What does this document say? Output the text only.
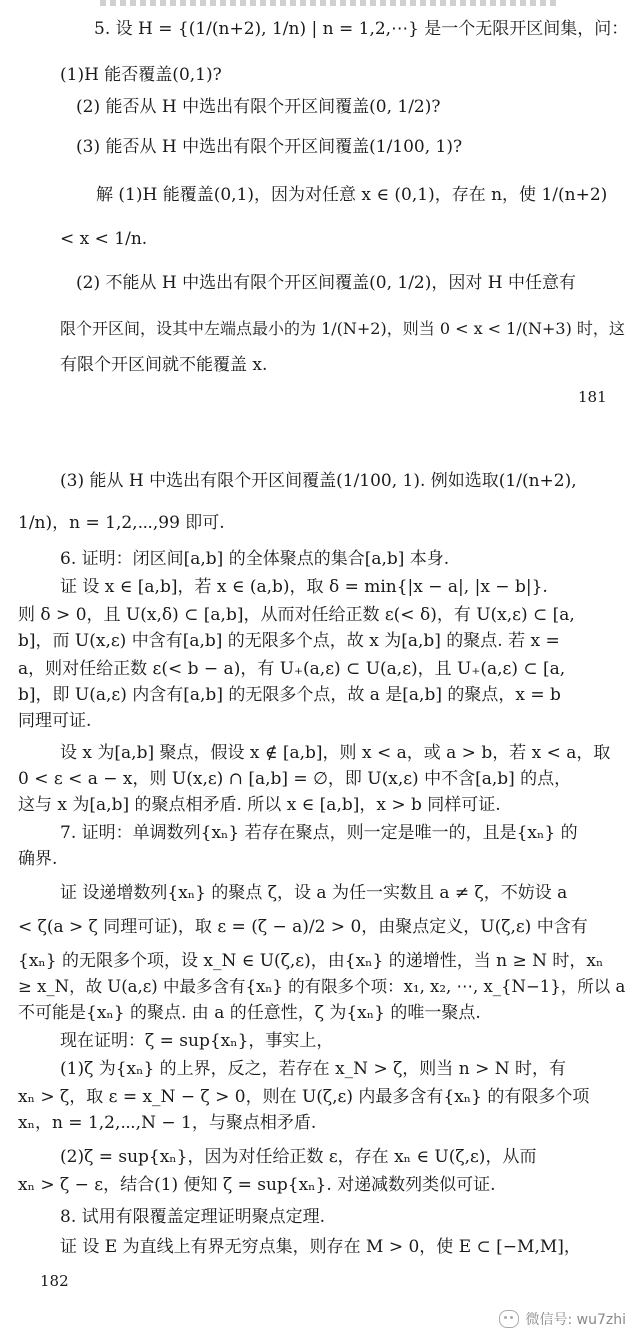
5. 设 H = {(1/(n+2), 1/n) | n = 1,2,⋯} 是一个无限开区间集，问：
(1)H 能否覆盖(0,1)?
(2) 能否从 H 中选出有限个开区间覆盖(0, 1/2)?
(3) 能否从 H 中选出有限个开区间覆盖(1/100, 1)?
解 (1)H 能覆盖(0,1)，因为对任意 x ∈ (0,1)，存在 n，使 1/(n+2)
< x < 1/n.
(2) 不能从 H 中选出有限个开区间覆盖(0, 1/2)，因对 H 中任意有
限个开区间，设其中左端点最小的为 1/(N+2)，则当 0 < x < 1/(N+3) 时，这
有限个开区间就不能覆盖 x.
181
(3) 能从 H 中选出有限个开区间覆盖(1/100, 1). 例如选取(1/(n+2),
1/n)，n = 1,2,⋯,99 即可.
6. 证明：闭区间[a,b] 的全体聚点的集合[a,b] 本身.
证 设 x ∈ [a,b]，若 x ∈ (a,b)，取 δ = min{|x − a|, |x − b|}.
则 δ > 0，且 U(x,δ) ⊂ [a,b]，从而对任给正数 ε(< δ)，有 U(x,ε) ⊂ [a,
b]，而 U(x,ε) 中含有[a,b] 的无限多个点，故 x 为[a,b] 的聚点. 若 x =
a，则对任给正数 ε(< b − a)，有 U₊(a,ε) ⊂ U(a,ε)，且 U₊(a,ε) ⊂ [a,
b]，即 U(a,ε) 内含有[a,b] 的无限多个点，故 a 是[a,b] 的聚点，x = b
同理可证.
设 x 为[a,b] 聚点，假设 x ∉ [a,b]，则 x < a，或 a > b，若 x < a，取
0 < ε < a − x，则 U(x,ε) ∩ [a,b] = ∅，即 U(x,ε) 中不含[a,b] 的点，
这与 x 为[a,b] 的聚点相矛盾. 所以 x ∈ [a,b]，x > b 同样可证.
7. 证明：单调数列{xₙ} 若存在聚点，则一定是唯一的，且是{xₙ} 的
确界.
证 设递增数列{xₙ} 的聚点 ζ，设 a 为任一实数且 a ≠ ζ，不妨设 a
< ζ(a > ζ 同理可证)，取 ε = (ζ − a)/2 > 0，由聚点定义，U(ζ,ε) 中含有
{xₙ} 的无限多个项，设 x_N ∈ U(ζ,ε)，由{xₙ} 的递增性，当 n ≥ N 时，xₙ
≥ x_N，故 U(a,ε) 中最多含有{xₙ} 的有限多个项：x₁, x₂, ⋯, x_{N−1}，所以 a
不可能是{xₙ} 的聚点. 由 a 的任意性，ζ 为{xₙ} 的唯一聚点.
现在证明：ζ = sup{xₙ}，事实上，
(1)ζ 为{xₙ} 的上界，反之，若存在 x_N > ζ，则当 n > N 时，有
xₙ > ζ，取 ε = x_N − ζ > 0，则在 U(ζ,ε) 内最多含有{xₙ} 的有限多个项
xₙ，n = 1,2,⋯,N − 1，与聚点相矛盾.
(2)ζ = sup{xₙ}，因为对任给正数 ε，存在 xₙ ∈ U(ζ,ε)，从而
xₙ > ζ − ε，结合(1) 便知 ζ = sup{xₙ}. 对递减数列类似可证.
8. 试用有限覆盖定理证明聚点定理.
证 设 E 为直线上有界无穷点集，则存在 M > 0，使 E ⊂ [−M,M]，
182
微信号: wu7zhi
